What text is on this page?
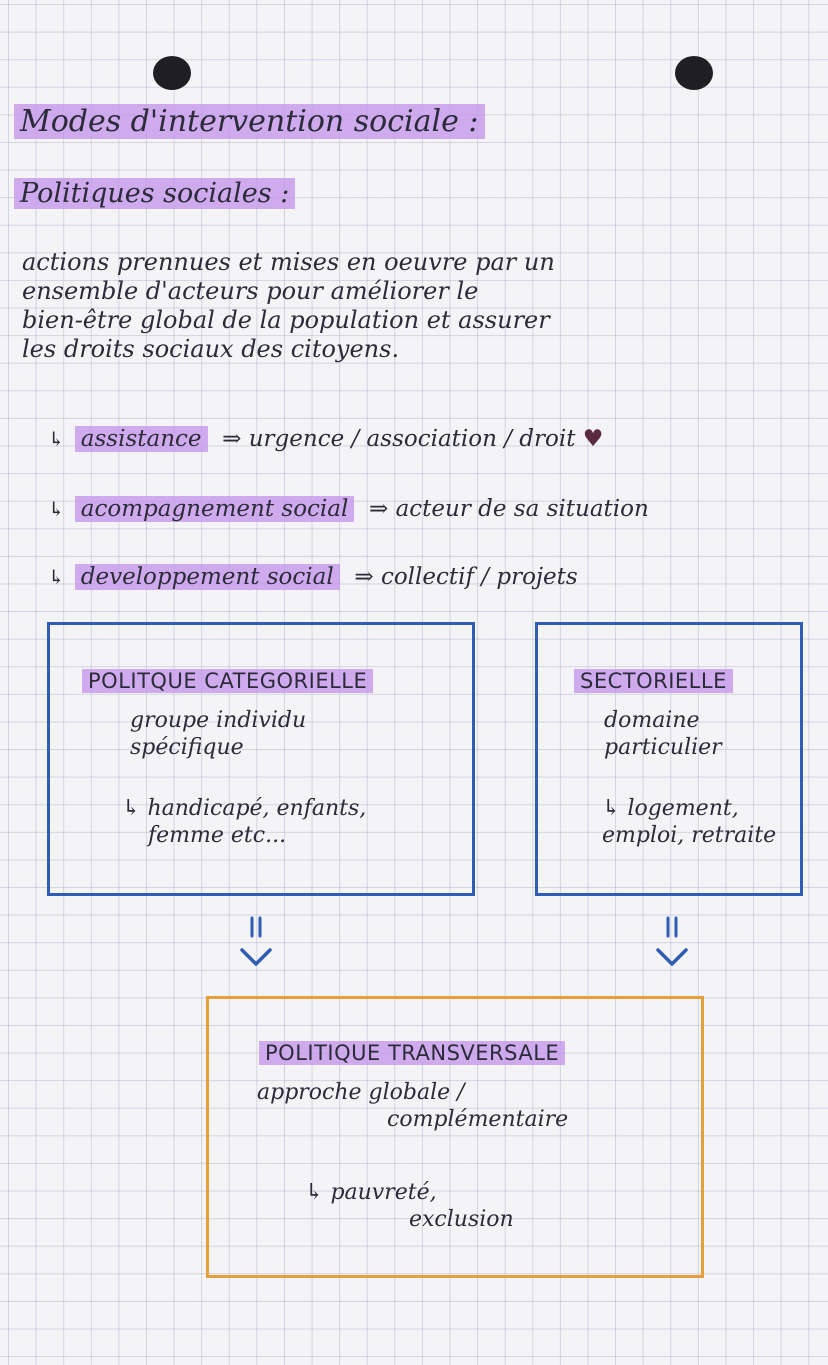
Modes d'intervention sociale :
Politiques sociales :
actions prennues et mises en oeuvre par un
ensemble d'acteurs pour améliorer le
bien-être global de la population et assurer
les droits sociaux des citoyens.
↳ assistance  ⇒ urgence / association / droit ♥
↳ acompagnement social  ⇒ acteur de sa situation
↳ developpement social  ⇒ collectif / projets
POLITQUE CATEGORIELLE
groupe individu
spécifique
↳ handicapé, enfants,
femme etc...
SECTORIELLE
domaine
particulier
↳ logement,
emploi, retraite
POLITIQUE TRANSVERSALE
approche globale /
complémentaire
↳ pauvreté,
exclusion
